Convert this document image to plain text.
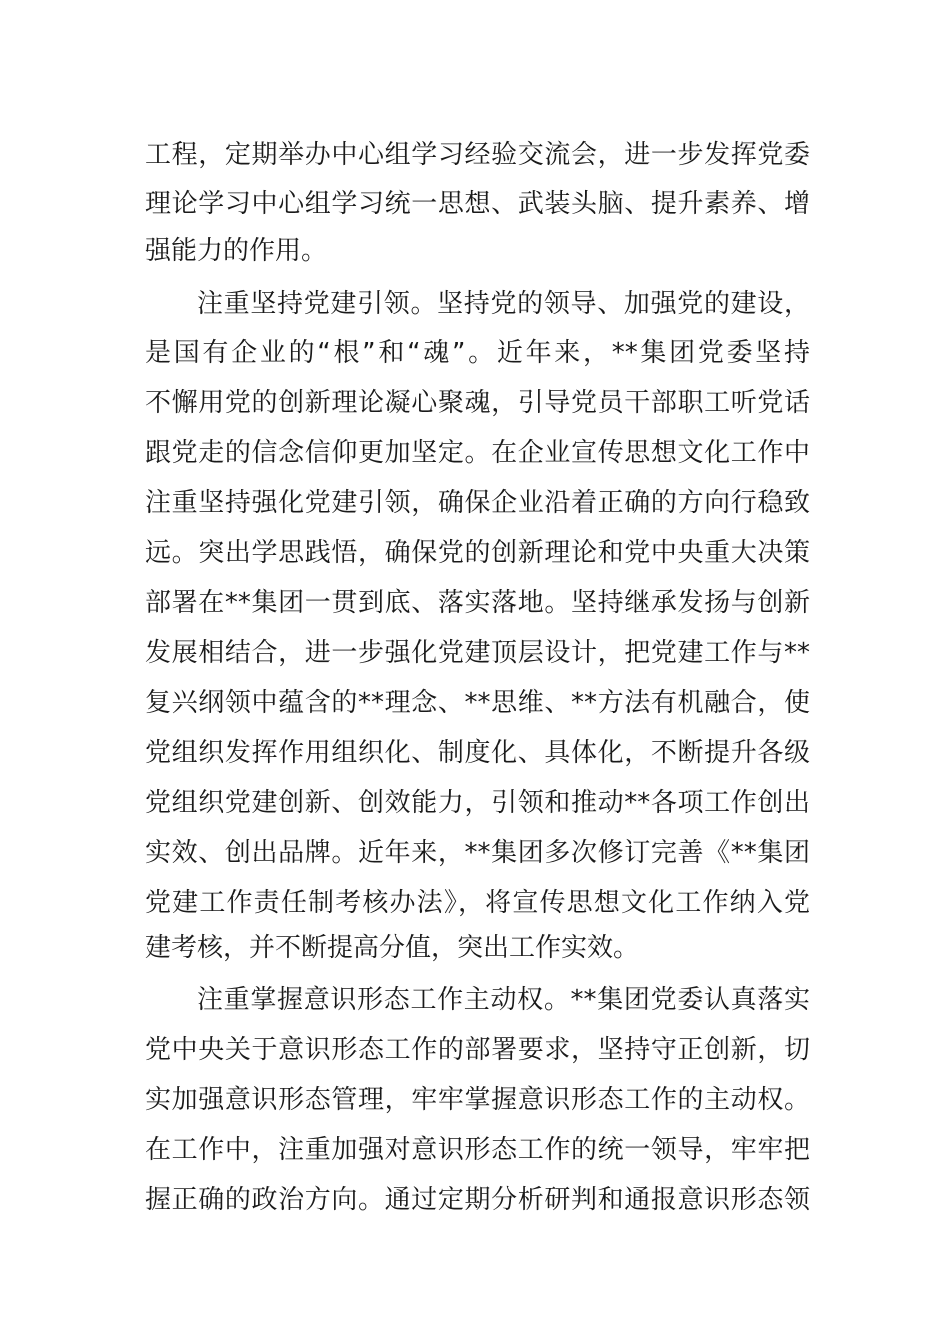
工程，定期举办中心组学习经验交流会，进一步发挥党委
理论学习中心组学习统一思想、武装头脑、提升素养、增
强能力的作用。
注重坚持党建引领。坚持党的领导、加强党的建设，
是国有企业的“根”和“魂”。近年来，**集团党委坚持
不懈用党的创新理论凝心聚魂，引导党员干部职工听党话
跟党走的信念信仰更加坚定。在企业宣传思想文化工作中
注重坚持强化党建引领，确保企业沿着正确的方向行稳致
远。突出学思践悟，确保党的创新理论和党中央重大决策
部署在**集团一贯到底、落实落地。坚持继承发扬与创新
发展相结合，进一步强化党建顶层设计，把党建工作与**
复兴纲领中蕴含的**理念、**思维、**方法有机融合，使
党组织发挥作用组织化、制度化、具体化，不断提升各级
党组织党建创新、创效能力，引领和推动**各项工作创出
实效、创出品牌。近年来，**集团多次修订完善《**集团
党建工作责任制考核办法》，将宣传思想文化工作纳入党
建考核，并不断提高分值，突出工作实效。
注重掌握意识形态工作主动权。**集团党委认真落实
党中央关于意识形态工作的部署要求，坚持守正创新，切
实加强意识形态管理，牢牢掌握意识形态工作的主动权。
在工作中，注重加强对意识形态工作的统一领导，牢牢把
握正确的政治方向。通过定期分析研判和通报意识形态领
